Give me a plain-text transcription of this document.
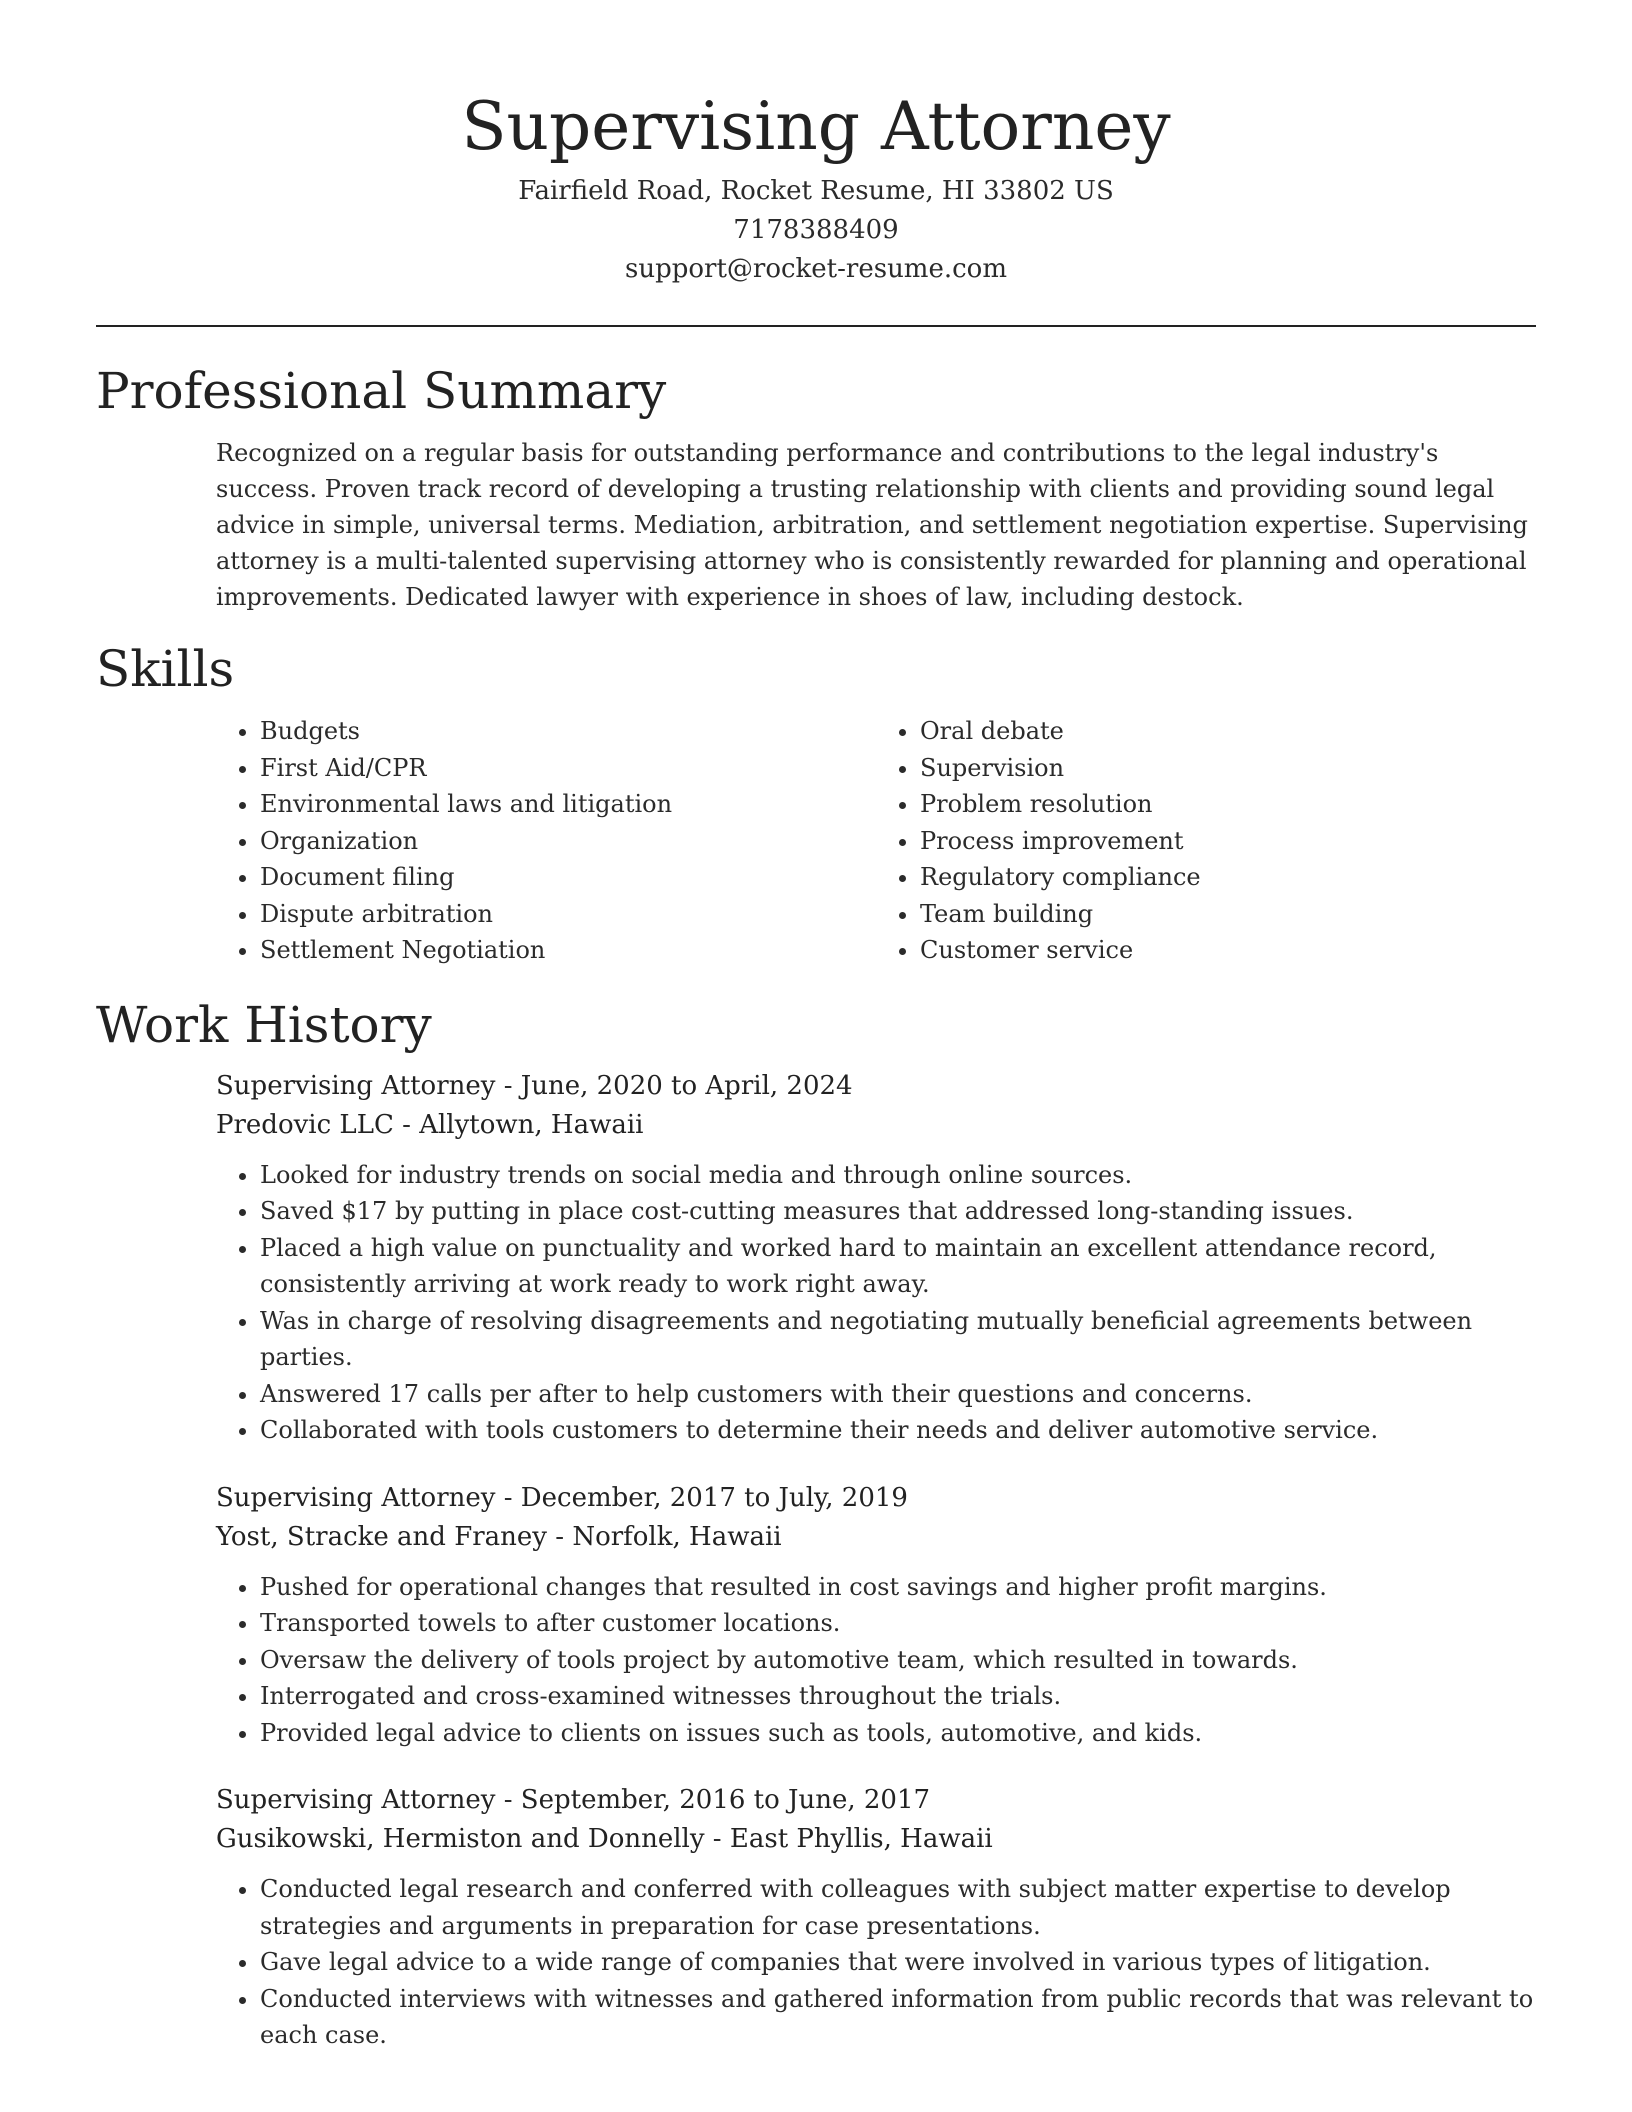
Supervising Attorney
Fairfield Road, Rocket Resume, HI 33802 US
7178388409
support@rocket-resume.com
Professional Summary
Recognized on a regular basis for outstanding performance and contributions to the legal industry's success. Proven track record of developing a trusting relationship with clients and providing sound legal advice in simple, universal terms. Mediation, arbitration, and settlement negotiation expertise. Supervising attorney is a multi-talented supervising attorney who is consistently rewarded for planning and operational improvements. Dedicated lawyer with experience in shoes of law, including destock.
Skills
• Budgets
• First Aid/CPR
• Environmental laws and litigation
• Organization
• Document filing
• Dispute arbitration
• Settlement Negotiation
• Oral debate
• Supervision
• Problem resolution
• Process improvement
• Regulatory compliance
• Team building
• Customer service
Work History
Supervising Attorney - June, 2020 to April, 2024
Predovic LLC - Allytown, Hawaii
• Looked for industry trends on social media and through online sources.
• Saved $17 by putting in place cost-cutting measures that addressed long-standing issues.
• Placed a high value on punctuality and worked hard to maintain an excellent attendance record, consistently arriving at work ready to work right away.
• Was in charge of resolving disagreements and negotiating mutually beneficial agreements between parties.
• Answered 17 calls per after to help customers with their questions and concerns.
• Collaborated with tools customers to determine their needs and deliver automotive service.
Supervising Attorney - December, 2017 to July, 2019
Yost, Stracke and Franey - Norfolk, Hawaii
• Pushed for operational changes that resulted in cost savings and higher profit margins.
• Transported towels to after customer locations.
• Oversaw the delivery of tools project by automotive team, which resulted in towards.
• Interrogated and cross-examined witnesses throughout the trials.
• Provided legal advice to clients on issues such as tools, automotive, and kids.
Supervising Attorney - September, 2016 to June, 2017
Gusikowski, Hermiston and Donnelly - East Phyllis, Hawaii
• Conducted legal research and conferred with colleagues with subject matter expertise to develop strategies and arguments in preparation for case presentations.
• Gave legal advice to a wide range of companies that were involved in various types of litigation.
• Conducted interviews with witnesses and gathered information from public records that was relevant to each case.
